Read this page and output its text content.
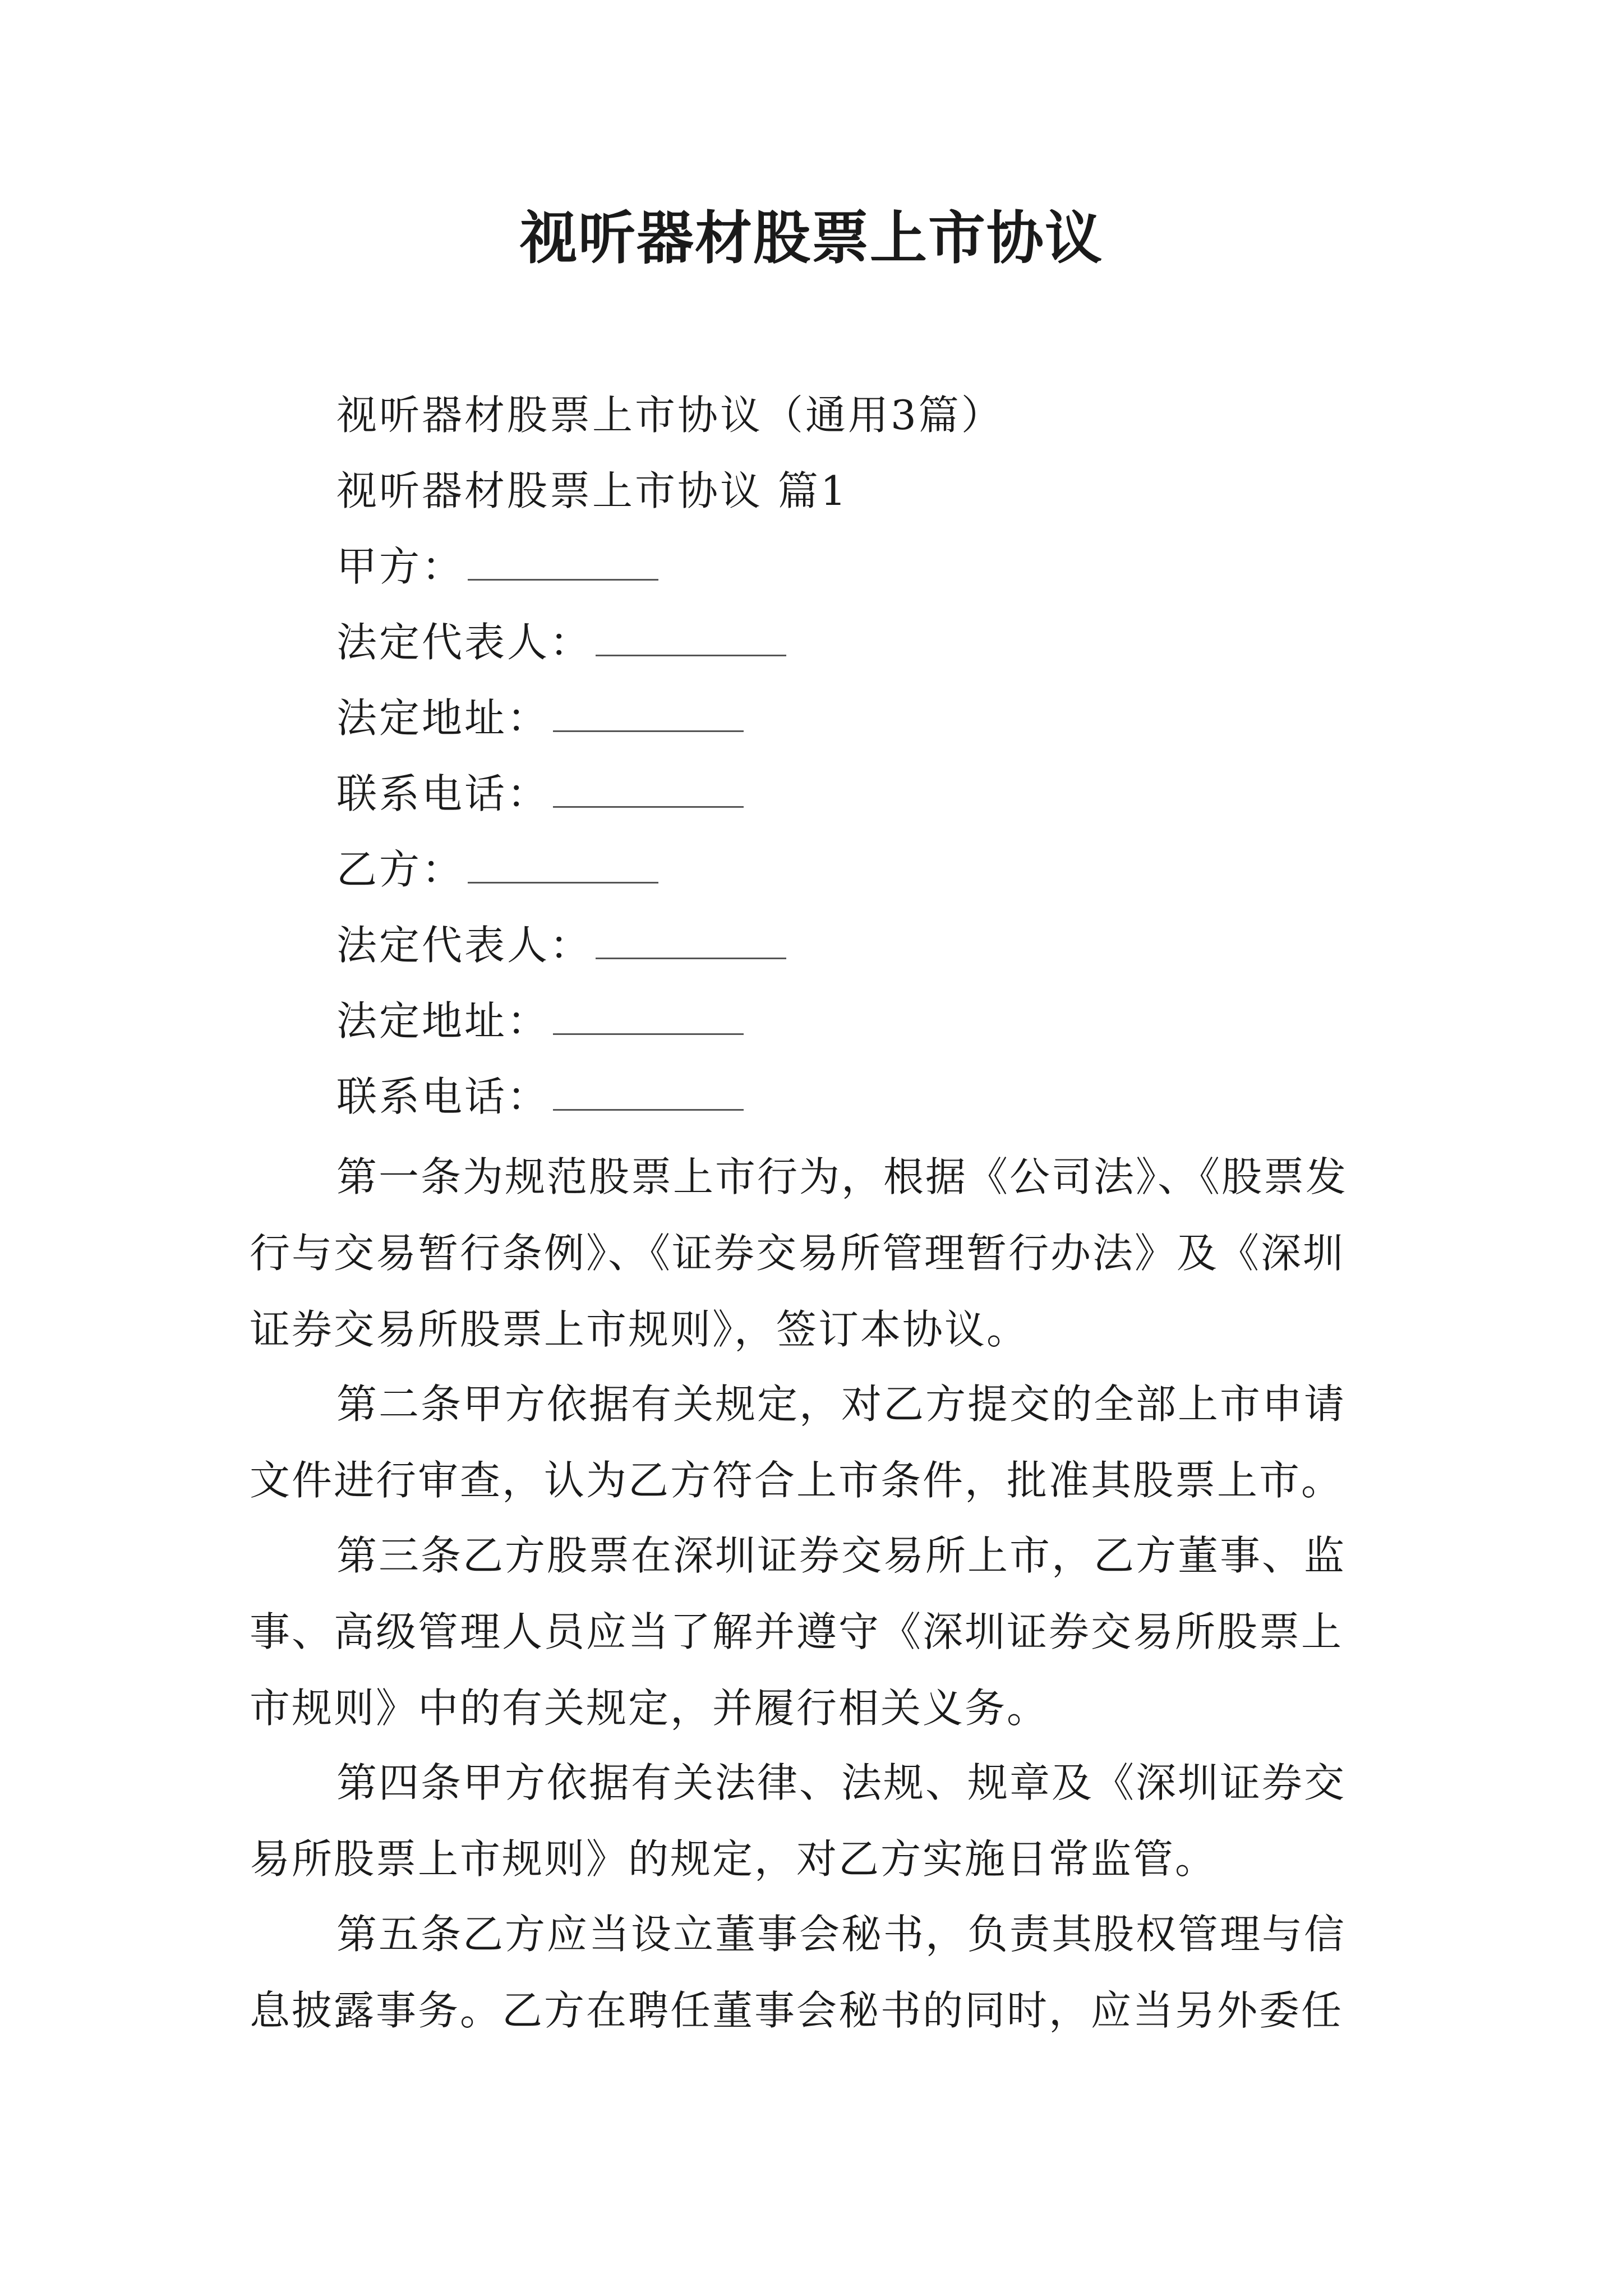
视听器材股票上市协议
视听器材股票上市协议（通用3篇）
视听器材股票上市协议 篇1
甲方：
法定代表人：
法定地址：
联系电话：
乙方：
法定代表人：
法定地址：
联系电话：
第一条为规范股票上市行为，根据《公司法》、《股票发
行与交易暂行条例》、《证券交易所管理暂行办法》及《深圳
证券交易所股票上市规则》，签订本协议。
第二条甲方依据有关规定，对乙方提交的全部上市申请
文件进行审查，认为乙方符合上市条件，批准其股票上市。
第三条乙方股票在深圳证券交易所上市，乙方董事、监
事、高级管理人员应当了解并遵守《深圳证券交易所股票上
市规则》中的有关规定，并履行相关义务。
第四条甲方依据有关法律、法规、规章及《深圳证券交
易所股票上市规则》的规定，对乙方实施日常监管。
第五条乙方应当设立董事会秘书，负责其股权管理与信
息披露事务。乙方在聘任董事会秘书的同时，应当另外委任
